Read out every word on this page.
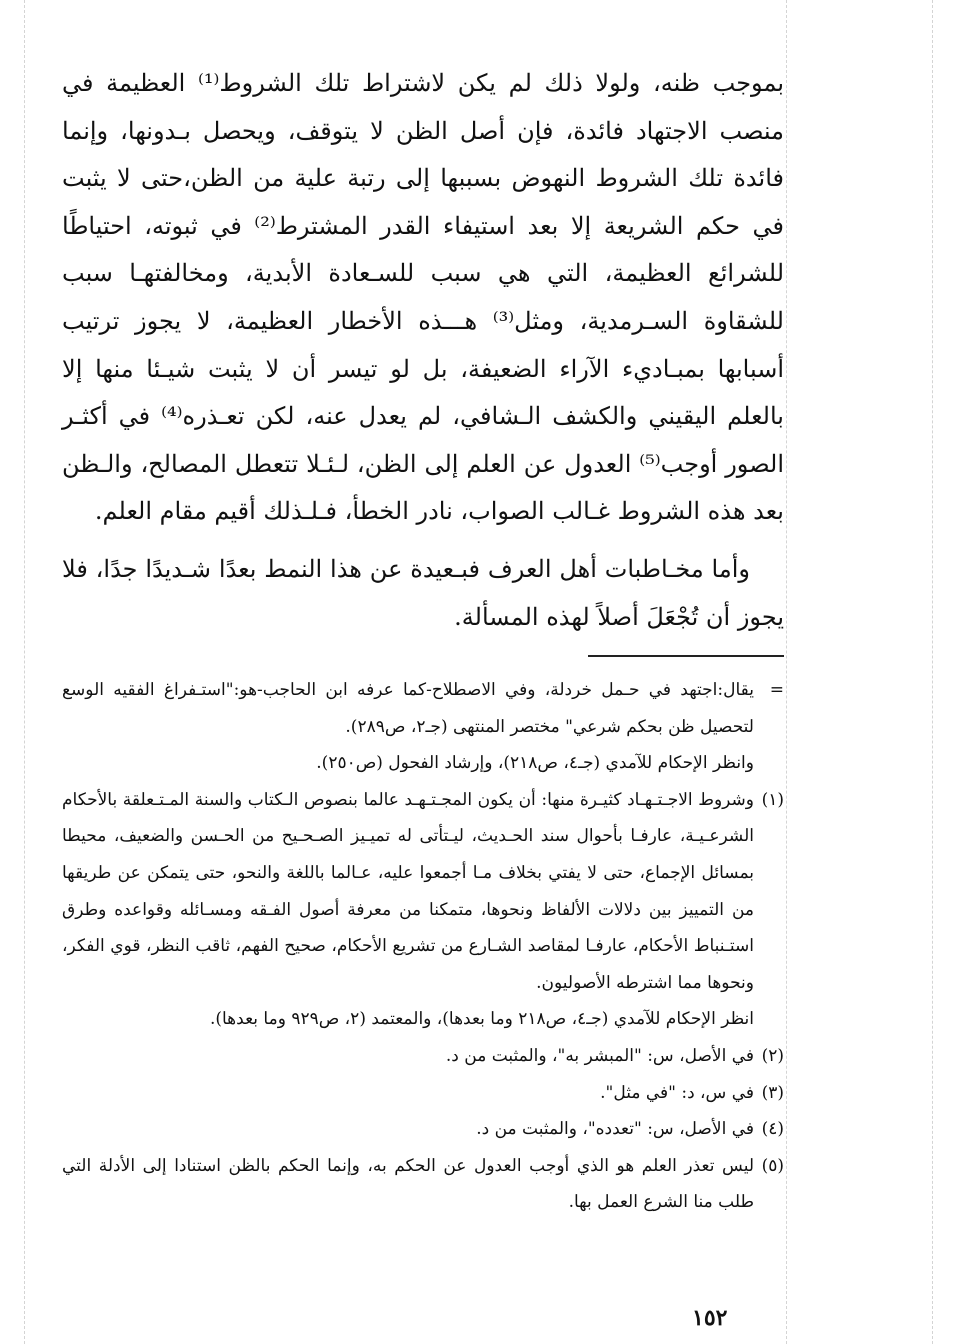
بموجب ظنه، ولولا ذلك لم يكن لاشتراط تلك الشروط⁽¹⁾ العظيمة في منصب الاجتهاد فائدة، فإن أصل الظن لا يتوقف، ويحصل بـدونها، وإنما فائدة تلك الشروط النهوض بسببها إلى رتبة علية من الظن،حتى لا يثبت في حكم الشريعة إلا بعد استيفاء القدر المشترط⁽²⁾ في ثبوته، احتياطًا للشرائع العظيمة، التي هي سبب للسـعادة الأبدية، ومخالفتهـا سبب للشقاوة السـرمدية، ومثل⁽³⁾ هـــذه الأخطار العظيمة، لا يجوز ترتيب أسبابها بمبـاديء الآراء الضعيفة، بل لو تيسر أن لا يثبت شيـئا منها إلا بالعلم اليقيني والكشف الـشافي، لم يعدل عنه، لكن تعـذره⁽⁴⁾ في أكثـر الصور أوجب⁽⁵⁾ العدول عن العلم إلى الظن، لـئـلا تتعطل المصالح، والـظن بعد هذه الشروط غـالب الصواب، نادر الخطأ، فـلـذلك أقيم مقام العلم.

وأما مخـاطبات أهل العرف فبـعيدة عن هذا النمط بعدًا شـديدًا جدًا، فلا يجوز أن تُجْعَلَ أصلاً لهذه المسألة.

=يقال:اجتهد في حـمل خردلة، وفي الاصطلاح-كما عرفه ابن الحاجب-هو:"استـفراغ الفقيه الوسع لتحصيل ظن بحكم شرعي" مختصر المنتهى (جـ٢، ص٢٨٩).

وانظر الإحكام للآمدي (جـ٤، ص٢١٨)، وإرشاد الفحول (ص٢٥٠).

(١)وشروط الاجـتـهـاد كثيـرة منها: أن يكون المجـتـهـد عالما بنصوص الـكتاب والسنة المـتـعلقة بالأحكام الشرعـيـة، عارفـا بأحوال سند الحـديث، ليـتأتى له تميـيز الصـحـيح من الحـسن والضعيف، محيطا بمسائل الإجماع، حتى لا يفتي بخلاف مـا أجمعوا عليه، عـالما باللغة والنحو، حتى يتمكن عن طريقها من التمييز بين دلالات الألفاظ ونحوها، متمكنا من معرفة أصول الفـقه ومسـائله وقواعده وطرق استـنباط الأحكام، عارفـا لمقاصد الشـارع من تشريع الأحكام، صحيح الفهم، ثاقب النظر، قوي الفكر، ونحوها مما اشترطه الأصوليون.

انظر الإحكام للآمدي (جـ٤، ص٢١٨ وما بعدها)، والمعتمد (٢، ص٩٢٩ وما بعدها).

(٢)في الأصل، س: "المبشر به"، والمثبت من د.

(٣)في س، د: "في مثل".

(٤)في الأصل، س: "تعدده"، والمثبت من د.

(٥)ليس تعذر العلم هو الذي أوجب العدول عن الحكم به، وإنما الحكم بالظن استنادا إلى الأدلة التي طلب منا الشرع العمل بها.

١٥٢
